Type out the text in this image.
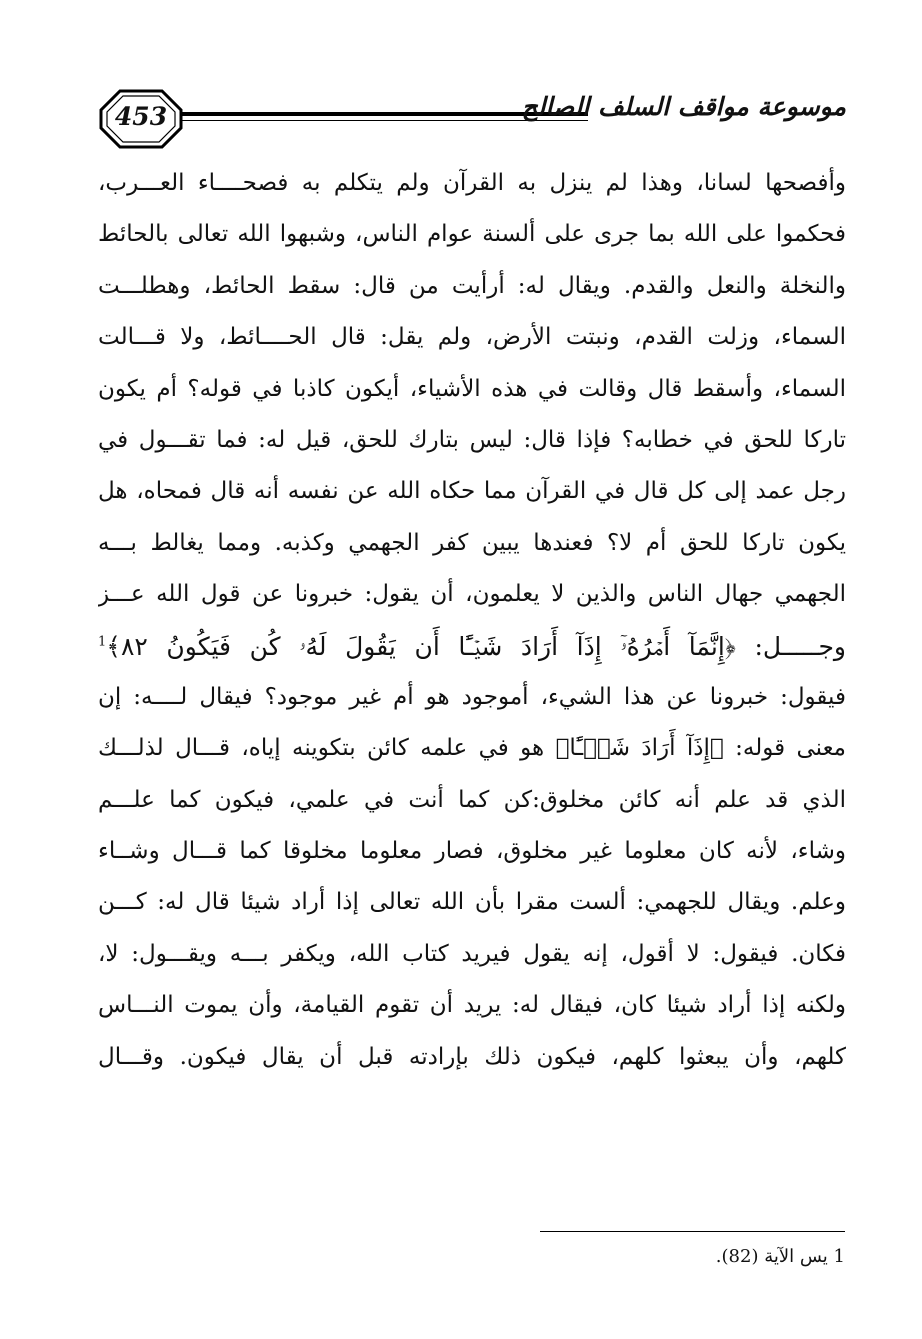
453	موسوعة مواقف السلف الصالح
وأفصحها لسانا، وهذا لم ينزل به القرآن ولم يتكلم به فصحــــاء العـــرب،
فحكموا على الله بما جرى على ألسنة عوام الناس، وشبهوا الله تعالى بالحائط
والنخلة والنعل والقدم. ويقال له: أرأيت من قال: سقط الحائط، وهطلـــت
السماء، وزلت القدم، ونبتت الأرض، ولم يقل: قال الحــــائط، ولا قـــالت
السماء، وأسقط قال وقالت في هذه الأشياء، أيكون كاذبا في قوله؟ أم يكون
تاركا للحق في خطابه؟ فإذا قال: ليس بتارك للحق، قيل له: فما تقـــول في
رجل عمد إلى كل قال في القرآن مما حكاه الله عن نفسه أنه قال فمحاه، هل
يكون تاركا للحق أم لا؟ فعندها يبين كفر الجهمي وكذبه. ومما يغالط بـــه
الجهمي جهال الناس والذين لا يعلمون، أن يقول: خبرونا عن قول الله عـــز
وجـــــل: ﴿إِنَّمَآ أَمۡرُهُۥٓ إِذَآ أَرَادَ شَيۡـًٔا أَن يَقُولَ لَهُۥ كُن فَيَكُونُ ٨٢﴾$^1$
فيقول: خبرونا عن هذا الشيء، أموجود هو أم غير موجود؟ فيقال لــــه: إن
معنى قوله: ﴿إِذَآ أَرَادَ شَيۡـًٔا﴾ هو في علمه كائن بتكوينه إياه، قـــال لذلـــك
الذي قد علم أنه كائن مخلوق:كن كما أنت في علمي، فيكون كما علـــم
وشاء، لأنه كان معلوما غير مخلوق، فصار معلوما مخلوقا كما قـــال وشــاء
وعلم. ويقال للجهمي: ألست مقرا بأن الله تعالى إذا أراد شيئا قال له: كـــن
فكان. فيقول: لا أقول، إنه يقول فيريد كتاب الله، ويكفر بـــه ويقـــول: لا،
ولكنه إذا أراد شيئا كان، فيقال له: يريد أن تقوم القيامة، وأن يموت النـــاس
كلهم، وأن يبعثوا كلهم، فيكون ذلك بإرادته قبل أن يقال فيكون. وقـــال
1 يس الآية (82).
